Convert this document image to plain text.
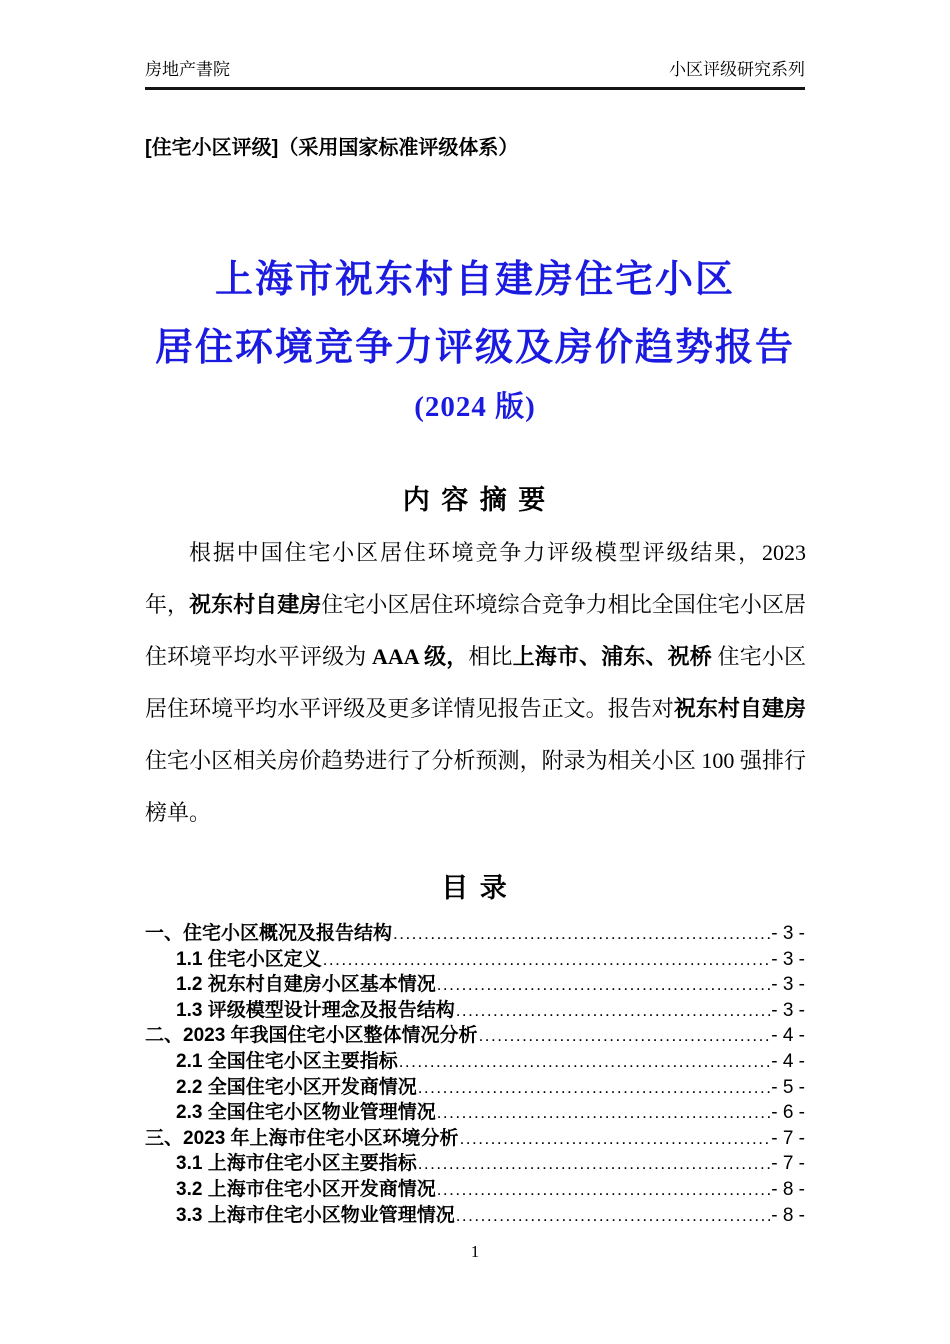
房地产書院	小区评级研究系列
[住宅小区评级]（采用国家标准评级体系）
上海市祝东村自建房住宅小区
居住环境竞争力评级及房价趋势报告
(2024 版)
内 容 摘 要
根据中国住宅小区居住环境竞争力评级模型评级结果，2023 年，祝东村自建房住宅小区居住环境综合竞争力相比全国住宅小区居住环境平均水平评级为 AAA 级，相比上海市、浦东、祝桥 住宅小区居住环境平均水平评级及更多详情见报告正文。报告对祝东村自建房住宅小区相关房价趋势进行了分析预测，附录为相关小区 100 强排行榜单。
目 录
一、住宅小区概况及报告结构 .....	- 3 -
1.1 住宅小区定义 .....	- 3 -
1.2 祝东村自建房小区基本情况 .....	- 3 -
1.3 评级模型设计理念及报告结构 .....	- 3 -
二、2023 年我国住宅小区整体情况分析 .....	- 4 -
2.1 全国住宅小区主要指标 .....	- 4 -
2.2 全国住宅小区开发商情况 .....	- 5 -
2.3 全国住宅小区物业管理情况 .....	- 6 -
三、2023 年上海市住宅小区环境分析 .....	- 7 -
3.1 上海市住宅小区主要指标 .....	- 7 -
3.2 上海市住宅小区开发商情况 .....	- 8 -
3.3 上海市住宅小区物业管理情况 .....	- 8 -
1
